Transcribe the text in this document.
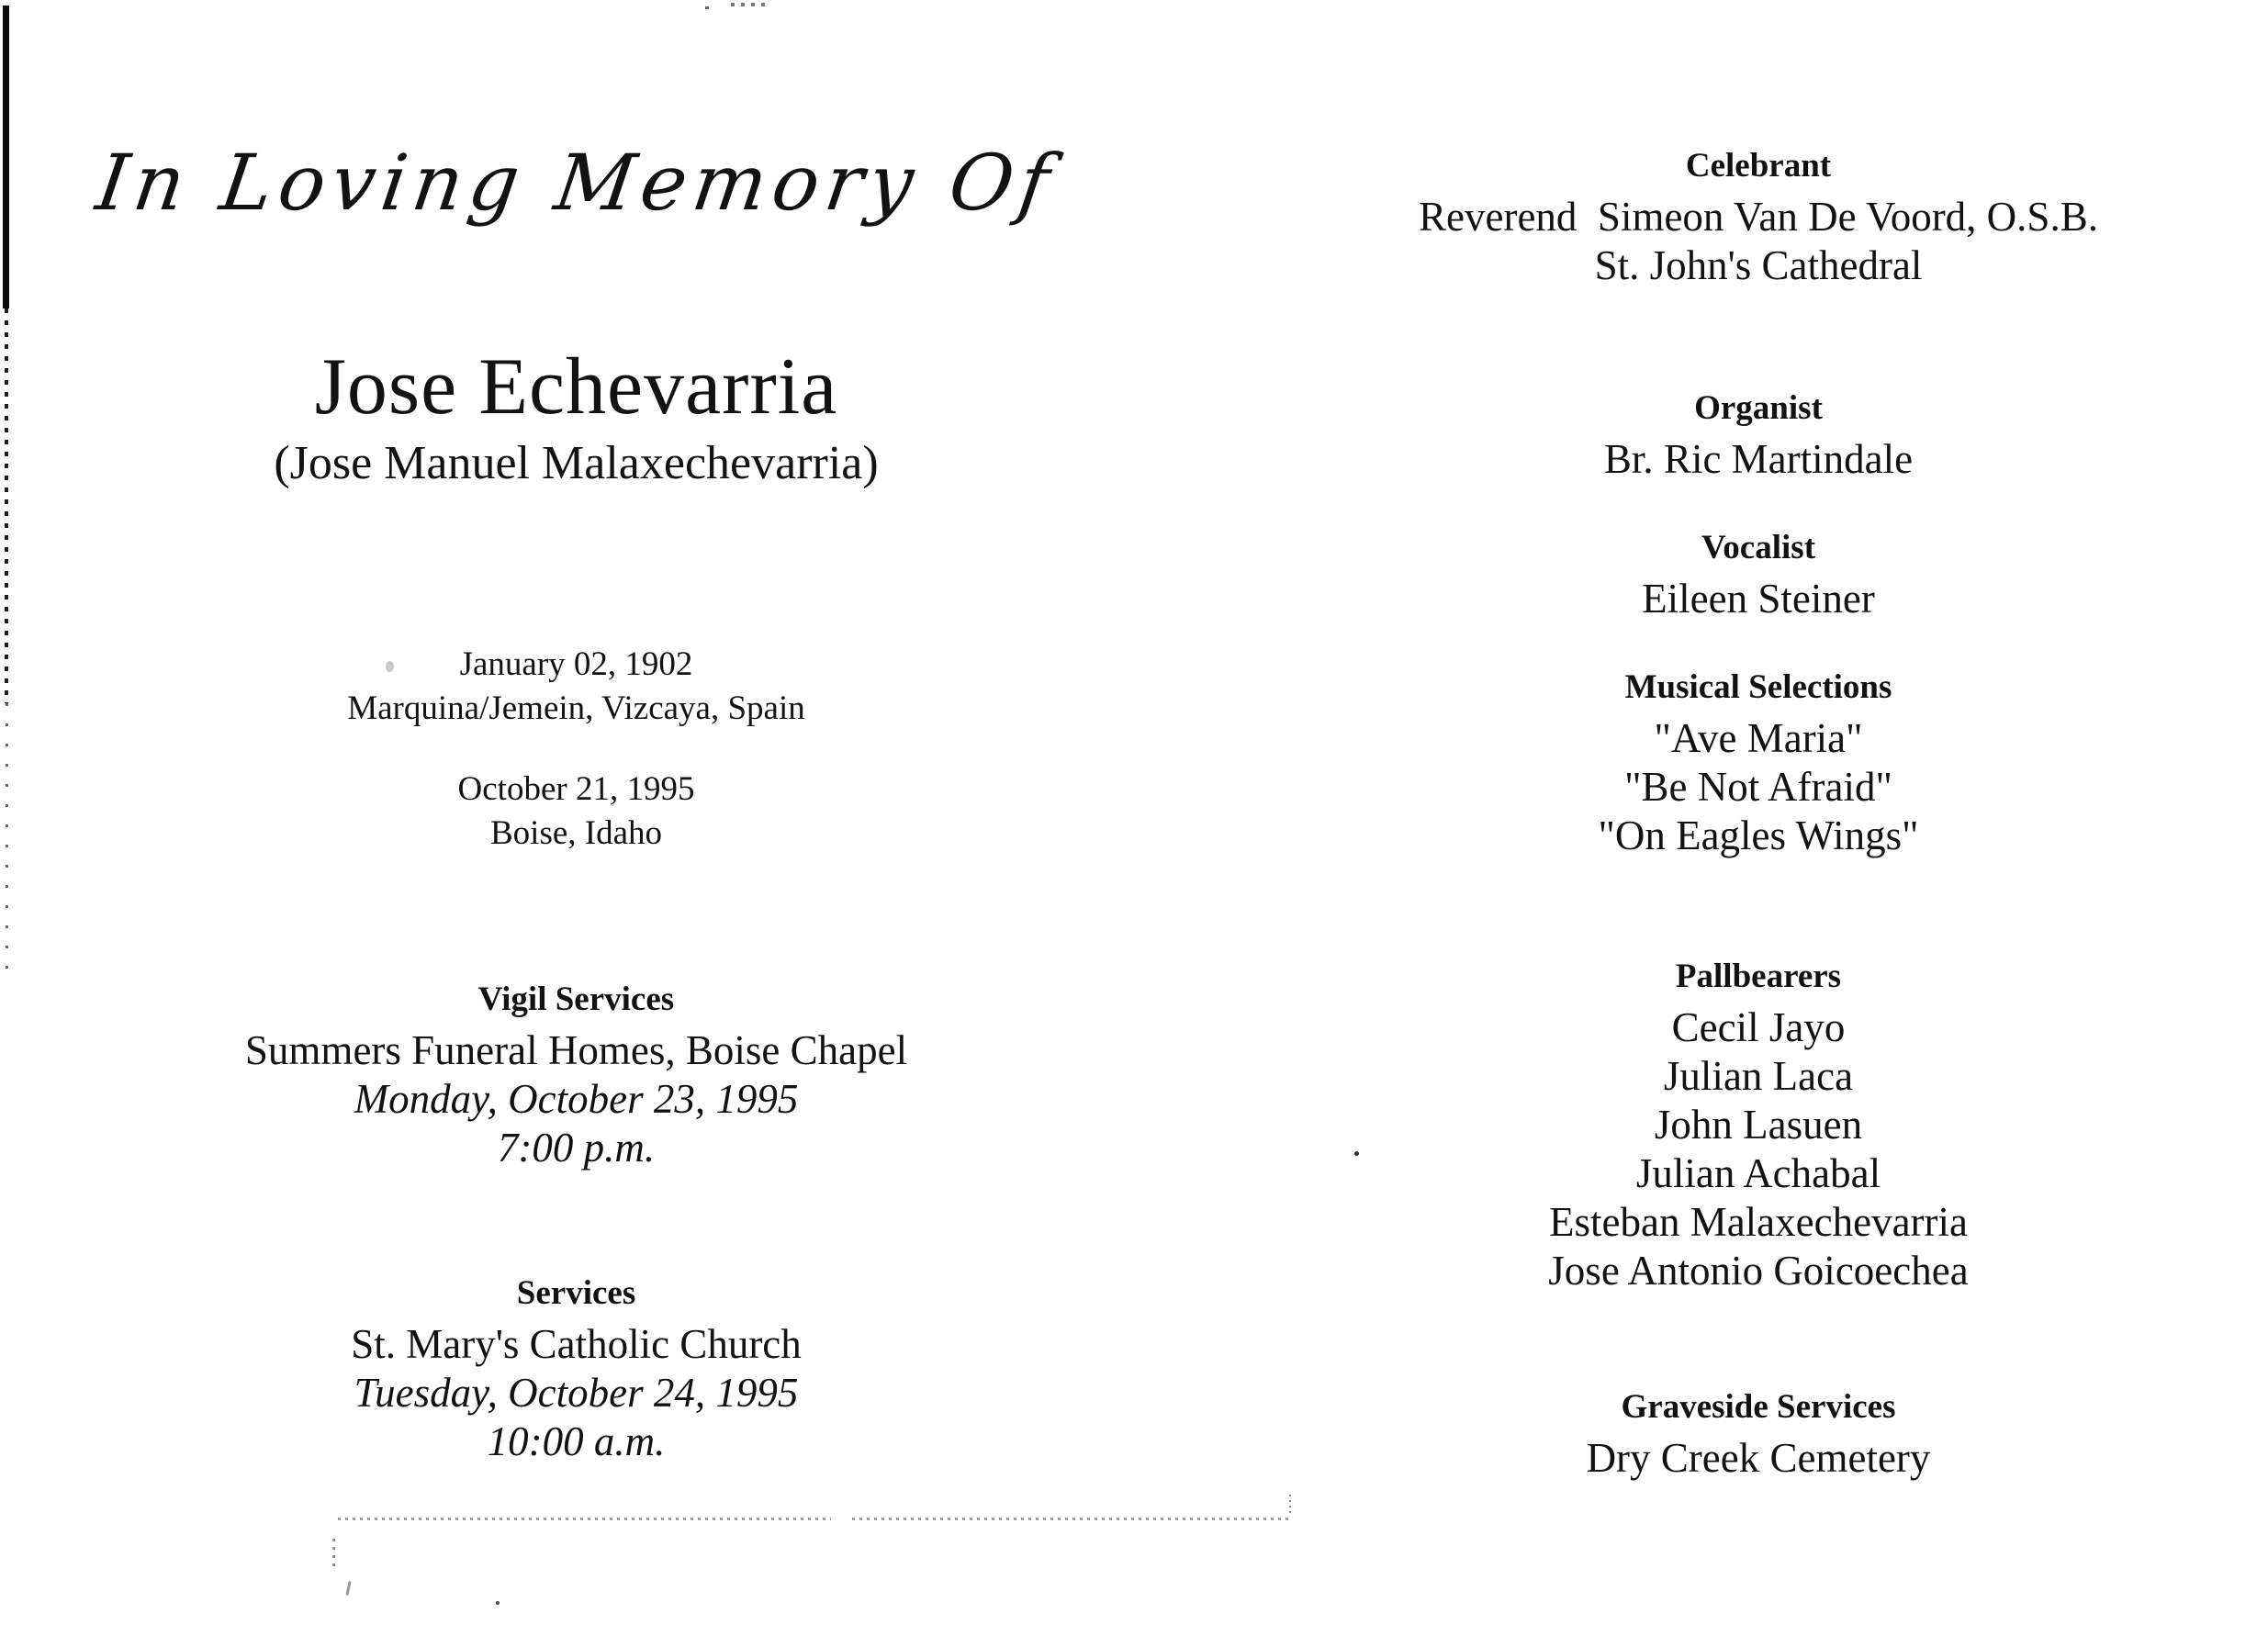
In Loving Memory Of
Jose Echevarria
(Jose Manuel Malaxechevarria)
January 02, 1902
Marquina/Jemein, Vizcaya, Spain
October 21, 1995
Boise, Idaho
Vigil Services
Summers Funeral Homes, Boise Chapel
Monday, October 23, 1995
7:00 p.m.
Services
St. Mary's Catholic Church
Tuesday, October 24, 1995
10:00 a.m.
Celebrant
Reverend  Simeon Van De Voord, O.S.B.
St. John's Cathedral
Organist
Br. Ric Martindale
Vocalist
Eileen Steiner
Musical Selections
"Ave Maria"
"Be Not Afraid"
"On Eagles Wings"
Pallbearers
Cecil Jayo
Julian Laca
John Lasuen
Julian Achabal
Esteban Malaxechevarria
Jose Antonio Goicoechea
Graveside Services
Dry Creek Cemetery
